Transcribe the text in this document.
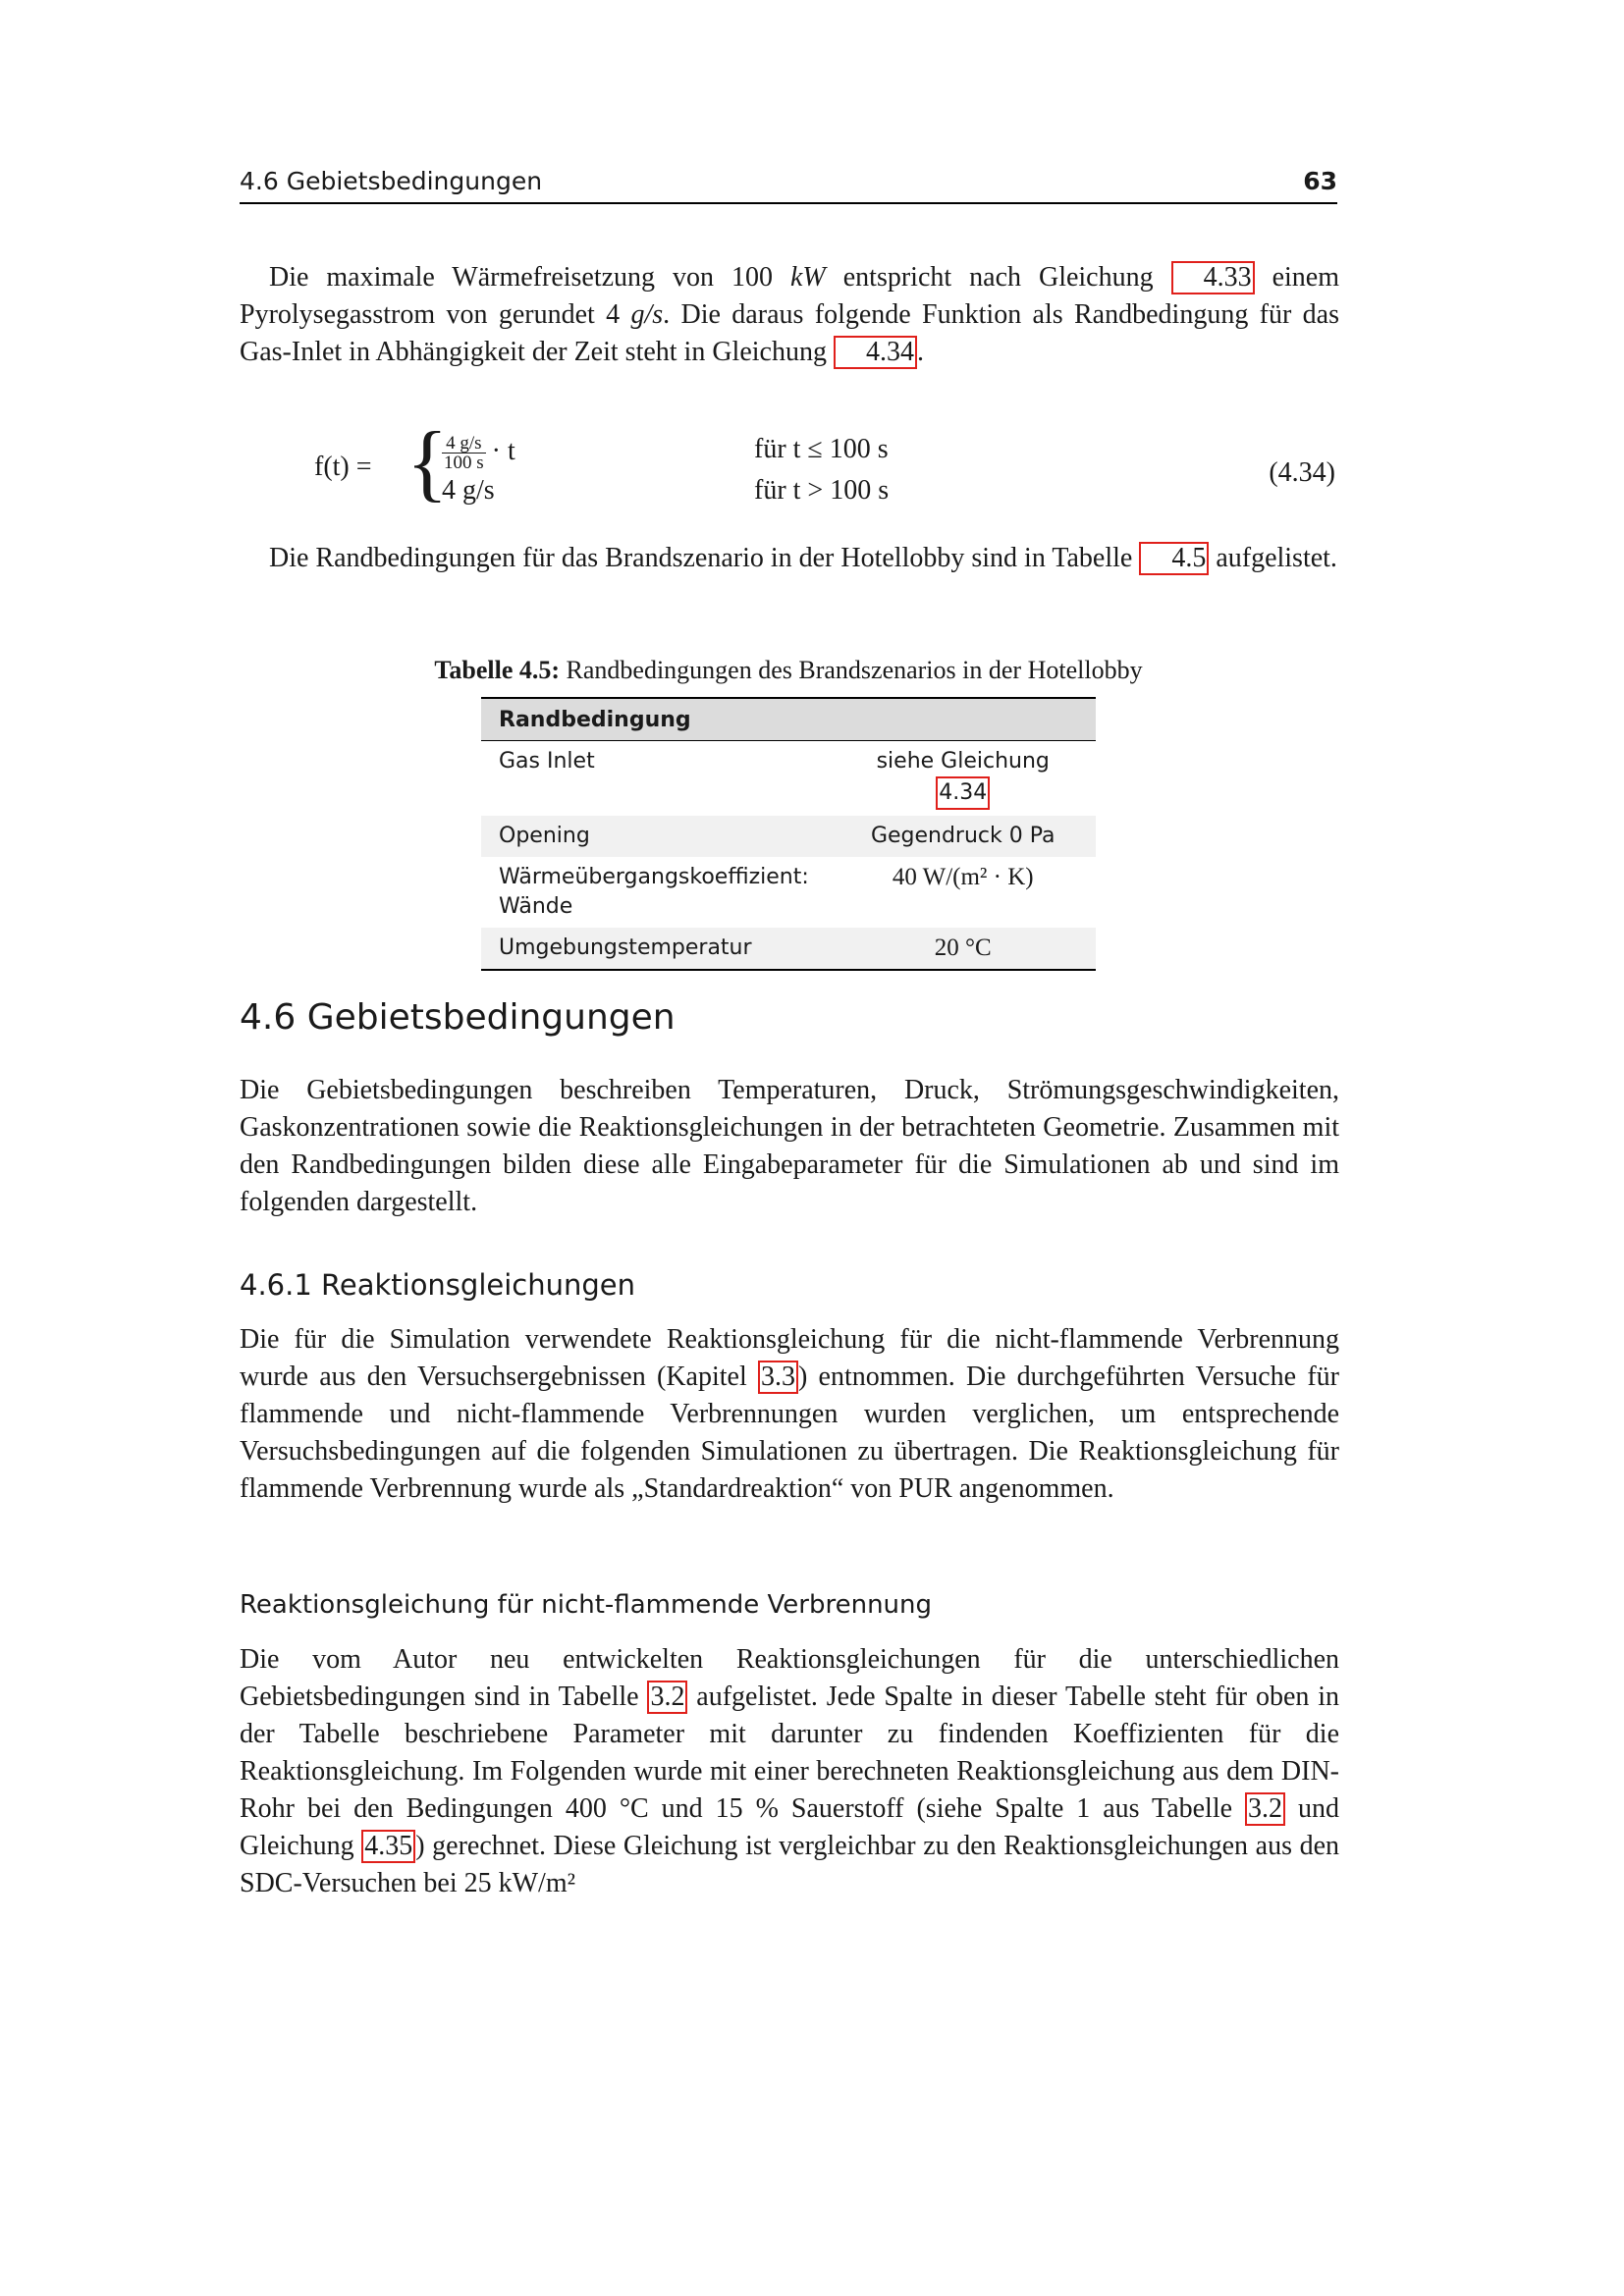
4.6 Gebietsbedingungen	63

Die maximale Wärmefreisetzung von 100 kW entspricht nach Gleichung 4.33 einem Pyrolysegasstrom von gerundet 4 g/s. Die daraus folgende Funktion als Randbedingung für das Gas-Inlet in Abhängigkeit der Zeit steht in Gleichung 4.34 .

f(t) = {
$\frac{4 g/s}{100 s} \cdot t$
4 g/s
für t ≤ 100 s
für t > 100 s
(4.34)

Die Randbedingungen für das Brandszenario in der Hotellobby sind in Tabelle 4.5 aufgelistet.

Tabelle 4.5: Randbedingungen des Brandszenarios in der Hotellobby
Randbedingung	
Gas Inlet	siehe Gleichung 4.34
Opening	Gegendruck 0 Pa
Wärmeübergangskoeffizient: Wände	40 W/(m² · K)
Umgebungstemperatur	20 °C
4.6 Gebietsbedingungen

Die Gebietsbedingungen beschreiben Temperaturen, Druck, Strömungsgeschwindigkeiten, Gaskonzentrationen sowie die Reaktionsgleichungen in der betrachteten Geometrie. Zusammen mit den Randbedingungen bilden diese alle Eingabeparameter für die Simulationen ab und sind im folgenden dargestellt.

4.6.1 Reaktionsgleichungen

Die für die Simulation verwendete Reaktionsgleichung für die nicht-flammende Verbrennung wurde aus den Versuchsergebnissen (Kapitel 3.3 ) entnommen. Die durchgeführten Versuche für flammende und nicht-flammende Verbrennungen wurden verglichen, um entsprechende Versuchsbedingungen auf die folgenden Simulationen zu übertragen. Die Reaktionsgleichung für flammende Verbrennung wurde als „Standardreaktion“ von PUR angenommen.

Reaktionsgleichung für nicht-flammende Verbrennung

Die vom Autor neu entwickelten Reaktionsgleichungen für die unterschiedlichen Gebietsbedingungen sind in Tabelle 3.2 aufgelistet. Jede Spalte in dieser Tabelle steht für oben in der Tabelle beschriebene Parameter mit darunter zu findenden Koeffizienten für die Reaktionsgleichung. Im Folgenden wurde mit einer berechneten Reaktionsgleichung aus dem DIN-Rohr bei den Bedingungen 400 °C und 15 % Sauerstoff (siehe Spalte 1 aus Tabelle 3.2 und Gleichung 4.35 ) gerechnet. Diese Gleichung ist vergleichbar zu den Reaktionsgleichungen aus den SDC-Versuchen bei 25 kW/m²
